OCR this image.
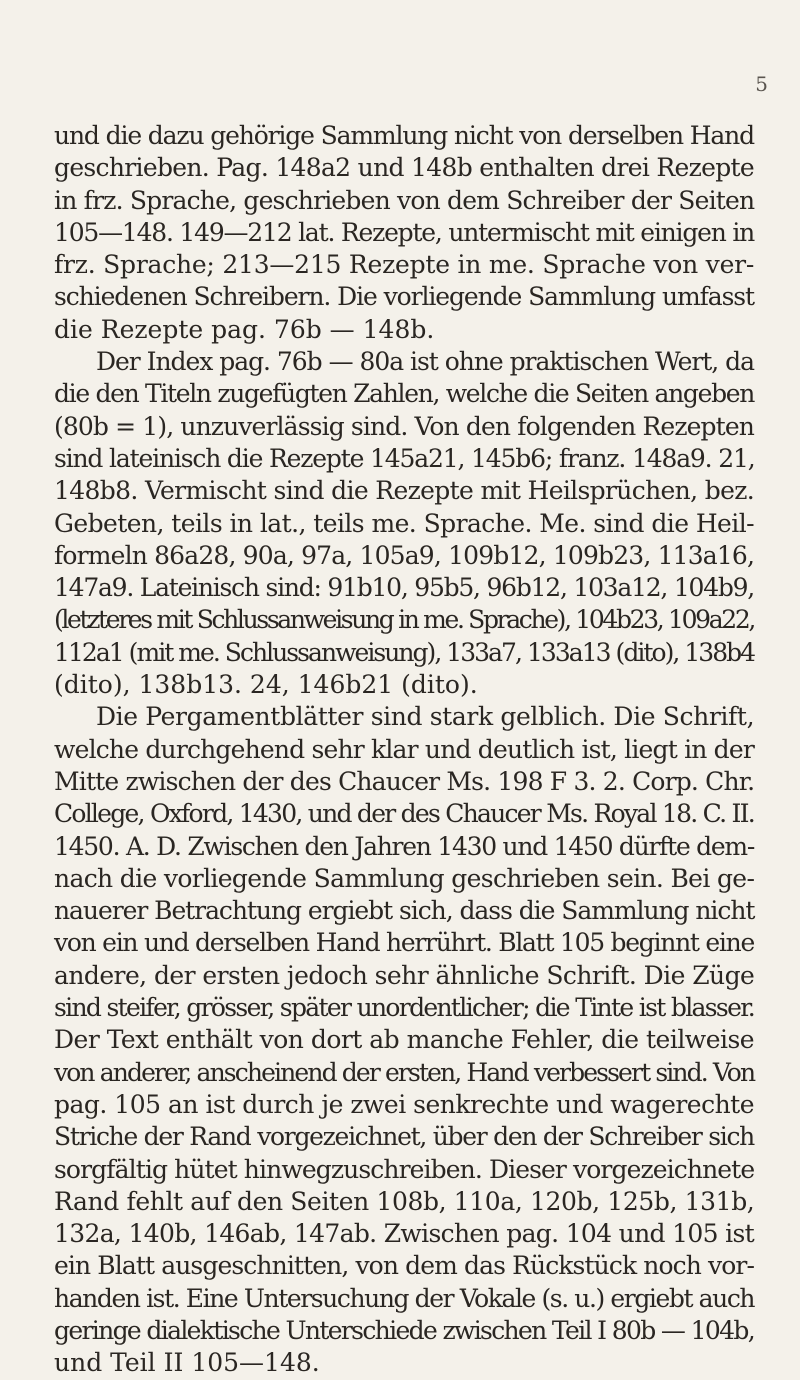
5
und die dazu gehörige Sammlung nicht von derselben Hand
geschrieben. Pag. 148a2 und 148b enthalten drei Rezepte
in frz. Sprache, geschrieben von dem Schreiber der Seiten
105—148. 149—212 lat. Rezepte, untermischt mit einigen in
frz. Sprache; 213—215 Rezepte in me. Sprache von ver-
schiedenen Schreibern. Die vorliegende Sammlung umfasst
die Rezepte pag. 76b — 148b.
Der Index pag. 76b — 80a ist ohne praktischen Wert, da
die den Titeln zugefügten Zahlen, welche die Seiten angeben
(80b = 1), unzuverlässig sind. Von den folgenden Rezepten
sind lateinisch die Rezepte 145a21, 145b6; franz. 148a9. 21,
148b8. Vermischt sind die Rezepte mit Heilsprüchen, bez.
Gebeten, teils in lat., teils me. Sprache. Me. sind die Heil-
formeln 86a28, 90a, 97a, 105a9, 109b12, 109b23, 113a16,
147a9. Lateinisch sind: 91b10, 95b5, 96b12, 103a12, 104b9,
(letzteres mit Schlussanweisung in me. Sprache), 104b23, 109a22,
112a1 (mit me. Schlussanweisung), 133a7, 133a13 (dito), 138b4
(dito), 138b13. 24, 146b21 (dito).
Die Pergamentblätter sind stark gelblich. Die Schrift,
welche durchgehend sehr klar und deutlich ist, liegt in der
Mitte zwischen der des Chaucer Ms. 198 F 3. 2. Corp. Chr.
College, Oxford, 1430, und der des Chaucer Ms. Royal 18. C. II.
1450. A. D. Zwischen den Jahren 1430 und 1450 dürfte dem-
nach die vorliegende Sammlung geschrieben sein. Bei ge-
nauerer Betrachtung ergiebt sich, dass die Sammlung nicht
von ein und derselben Hand herrührt. Blatt 105 beginnt eine
andere, der ersten jedoch sehr ähnliche Schrift. Die Züge
sind steifer, grösser, später unordentlicher; die Tinte ist blasser.
Der Text enthält von dort ab manche Fehler, die teilweise
von anderer, anscheinend der ersten, Hand verbessert sind. Von
pag. 105 an ist durch je zwei senkrechte und wagerechte
Striche der Rand vorgezeichnet, über den der Schreiber sich
sorgfältig hütet hinwegzuschreiben. Dieser vorgezeichnete
Rand fehlt auf den Seiten 108b, 110a, 120b, 125b, 131b,
132a, 140b, 146ab, 147ab. Zwischen pag. 104 und 105 ist
ein Blatt ausgeschnitten, von dem das Rückstück noch vor-
handen ist. Eine Untersuchung der Vokale (s. u.) ergiebt auch
geringe dialektische Unterschiede zwischen Teil I 80b — 104b,
und Teil II 105—148.
